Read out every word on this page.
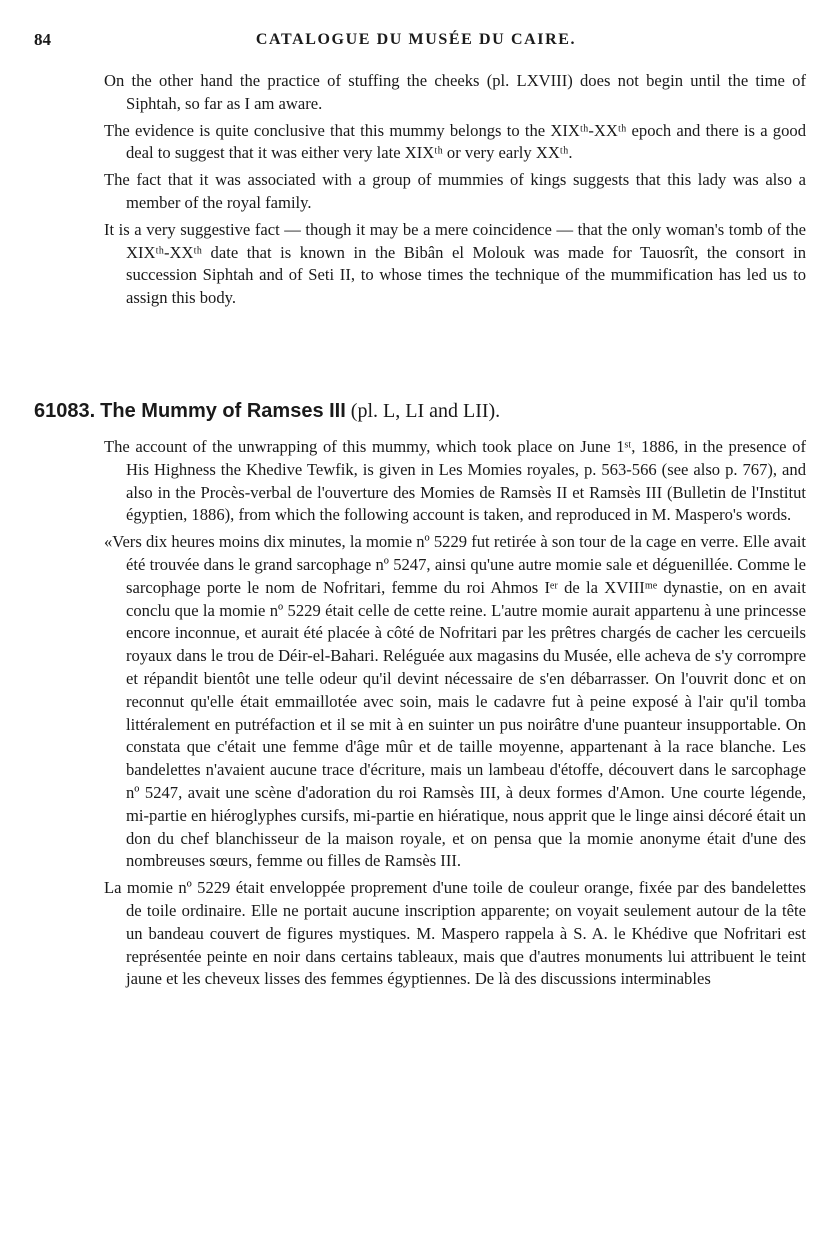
84	CATALOGUE DU MUSÉE DU CAIRE.

On the other hand the practice of stuffing the cheeks (pl. LXVIII) does not begin until the time of Siphtah, so far as I am aware.

The evidence is quite conclusive that this mummy belongs to the XIXᵗʰ-XXᵗʰ epoch and there is a good deal to suggest that it was either very late XIXᵗʰ or very early XXᵗʰ.

The fact that it was associated with a group of mummies of kings suggests that this lady was also a member of the royal family.

It is a very suggestive fact — though it may be a mere coincidence — that the only woman's tomb of the XIXᵗʰ-XXᵗʰ date that is known in the Bibân el Molouk was made for Tauosrît, the consort in succession Siphtah and of Seti II, to whose times the technique of the mummification has led us to assign this body.

61083. The Mummy of Ramses III (pl. L, LI and LII).

The account of the unwrapping of this mummy, which took place on June 1ˢᵗ, 1886, in the presence of His Highness the Khedive Tewfik, is given in Les Momies royales, p. 563-566 (see also p. 767), and also in the Procès-verbal de l'ouverture des Momies de Ramsès II et Ramsès III (Bulletin de l'Institut égyptien, 1886), from which the following account is taken, and reproduced in M. Maspero's words.

«Vers dix heures moins dix minutes, la momie nº 5229 fut retirée à son tour de la cage en verre. Elle avait été trouvée dans le grand sarcophage nº 5247, ainsi qu'une autre momie sale et déguenillée. Comme le sarcophage porte le nom de Nofritari, femme du roi Ahmos Iᵉʳ de la XVIIIᵐᵉ dynastie, on en avait conclu que la momie nº 5229 était celle de cette reine. L'autre momie aurait appartenu à une princesse encore inconnue, et aurait été placée à côté de Nofritari par les prêtres chargés de cacher les cercueils royaux dans le trou de Déir-el-Bahari. Reléguée aux magasins du Musée, elle acheva de s'y corrompre et répandit bientôt une telle odeur qu'il devint nécessaire de s'en débarrasser. On l'ouvrit donc et on reconnut qu'elle était emmaillotée avec soin, mais le cadavre fut à peine exposé à l'air qu'il tomba littéralement en putréfaction et il se mit à en suinter un pus noirâtre d'une puanteur insupportable. On constata que c'était une femme d'âge mûr et de taille moyenne, appartenant à la race blanche. Les bandelettes n'avaient aucune trace d'écriture, mais un lambeau d'étoffe, découvert dans le sarcophage nº 5247, avait une scène d'adoration du roi Ramsès III, à deux formes d'Amon. Une courte légende, mi-partie en hiéroglyphes cursifs, mi-partie en hiératique, nous apprit que le linge ainsi décoré était un don du chef blanchisseur de la maison royale, et on pensa que la momie anonyme était d'une des nombreuses sœurs, femme ou filles de Ramsès III.

La momie nº 5229 était enveloppée proprement d'une toile de couleur orange, fixée par des bandelettes de toile ordinaire. Elle ne portait aucune inscription apparente; on voyait seulement autour de la tête un bandeau couvert de figures mystiques. M. Maspero rappela à S. A. le Khédive que Nofritari est représentée peinte en noir dans certains tableaux, mais que d'autres monuments lui attribuent le teint jaune et les cheveux lisses des femmes égyptiennes. De là des discussions interminables
